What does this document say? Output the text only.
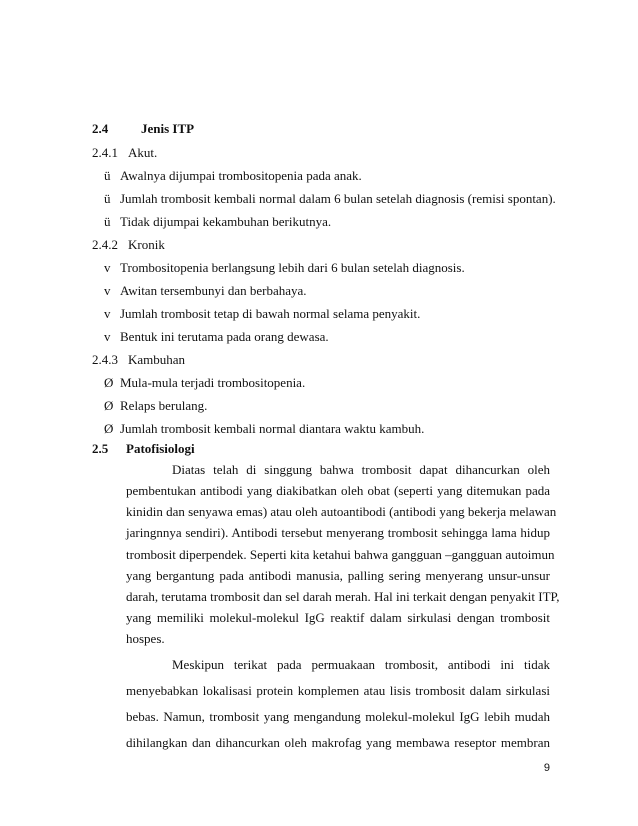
2.4	Jenis ITP
2.4.1 Akut.
ü Awalnya dijumpai trombositopenia pada anak.
ü Jumlah trombosit kembali normal dalam 6 bulan setelah diagnosis (remisi spontan).
ü Tidak dijumpai kekambuhan berikutnya.
2.4.2 Kronik
v Trombositopenia berlangsung lebih dari 6 bulan setelah diagnosis.
v Awitan tersembunyi dan berbahaya.
v Jumlah trombosit tetap di bawah normal selama penyakit.
v Bentuk ini terutama pada orang dewasa.
2.4.3 Kambuhan
Ø Mula-mula terjadi trombositopenia.
Ø Relaps berulang.
Ø Jumlah trombosit kembali normal diantara waktu kambuh.
2.5 Patofisiologi
Diatas telah di singgung bahwa trombosit dapat dihancurkan oleh
pembentukan antibodi yang diakibatkan oleh obat (seperti yang ditemukan pada
kinidin dan senyawa emas) atau oleh autoantibodi (antibodi yang bekerja melawan
jaringnnya sendiri). Antibodi tersebut menyerang trombosit sehingga lama hidup
trombosit diperpendek. Seperti kita ketahui bahwa gangguan –gangguan autoimun
yang bergantung pada antibodi manusia, palling sering menyerang unsur-unsur
darah, terutama trombosit dan sel darah merah. Hal ini terkait dengan penyakit ITP,
yang memiliki molekul-molekul IgG reaktif dalam sirkulasi dengan trombosit
hospes.
Meskipun terikat pada permuakaan trombosit, antibodi ini tidak
menyebabkan lokalisasi protein komplemen atau lisis trombosit dalam sirkulasi
bebas. Namun, trombosit yang mengandung molekul-molekul IgG lebih mudah
dihilangkan dan dihancurkan oleh makrofag yang membawa reseptor membran
9
